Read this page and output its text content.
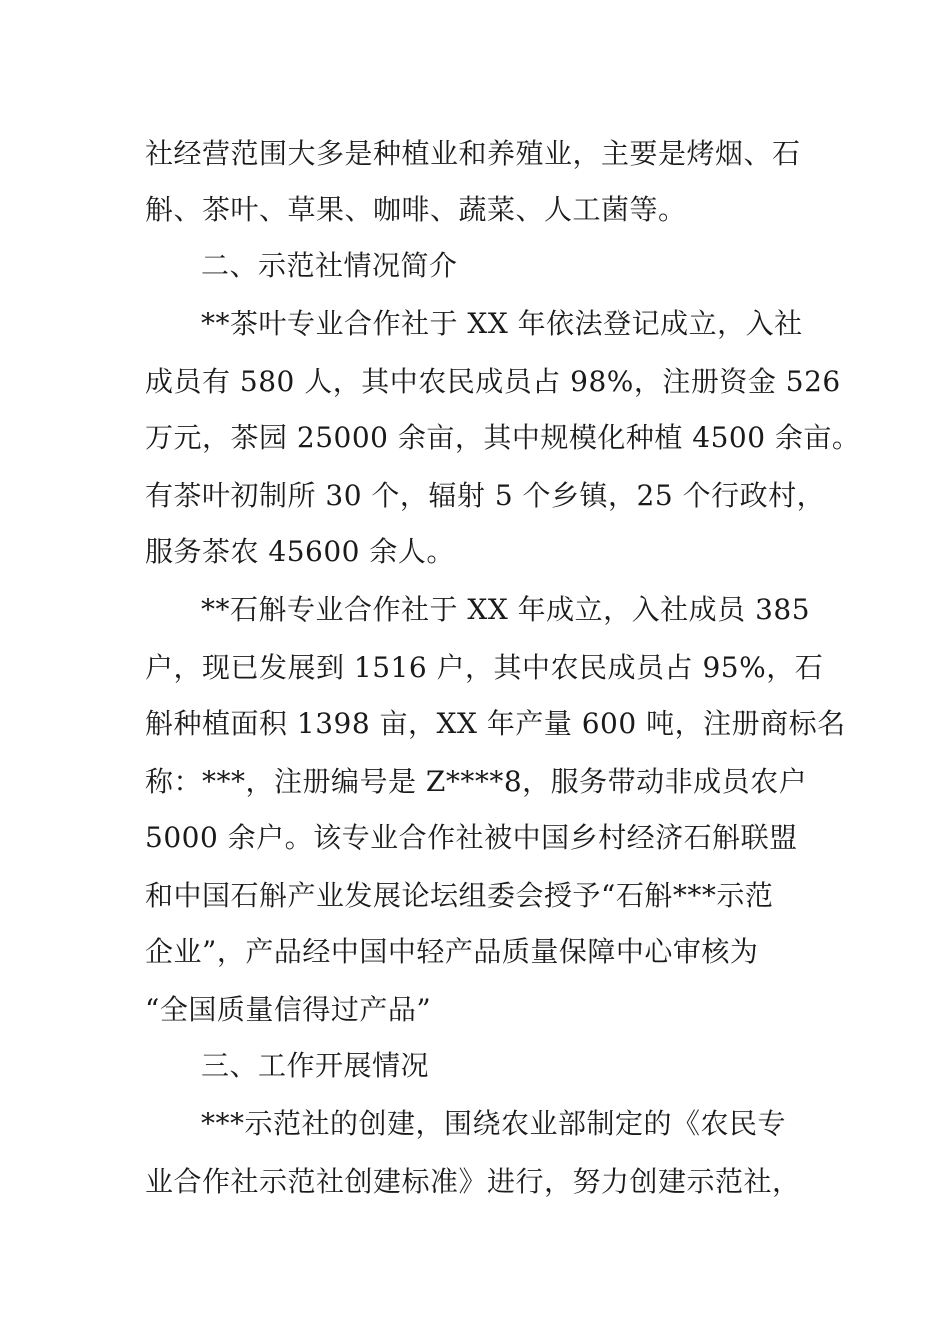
社经营范围大多是种植业和养殖业，主要是烤烟、石
斛、茶叶、草果、咖啡、蔬菜、人工菌等。
二、示范社情况简介
**茶叶专业合作社于 XX 年依法登记成立，入社
成员有 580 人，其中农民成员占 98%，注册资金 526
万元，茶园 25000 余亩，其中规模化种植 4500 余亩。
有茶叶初制所 30 个，辐射 5 个乡镇，25 个行政村，
服务茶农 45600 余人。
**石斛专业合作社于 XX 年成立，入社成员 385
户，现已发展到 1516 户，其中农民成员占 95%，石
斛种植面积 1398 亩，XX 年产量 600 吨，注册商标名
称：***，注册编号是 Z****8，服务带动非成员农户
5000 余户。该专业合作社被中国乡村经济石斛联盟
和中国石斛产业发展论坛组委会授予“石斛***示范
企业”，产品经中国中轻产品质量保障中心审核为
“全国质量信得过产品”
三、工作开展情况
***示范社的创建，围绕农业部制定的《农民专
业合作社示范社创建标准》进行，努力创建示范社，
